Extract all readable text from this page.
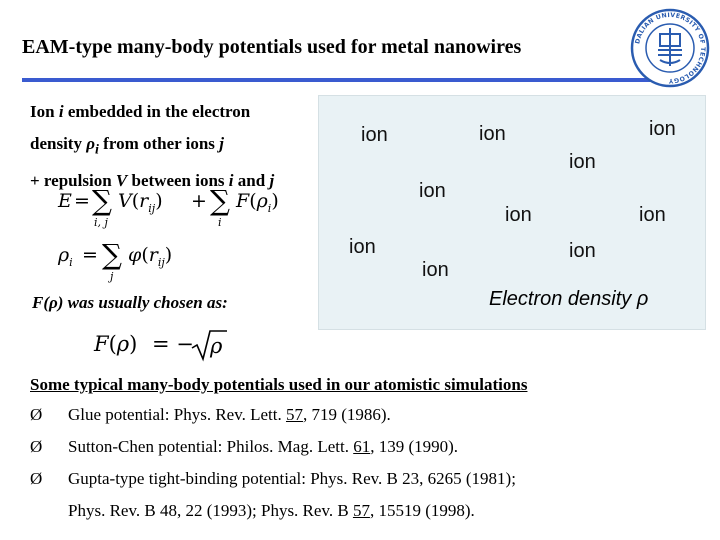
EAM-type many-body potentials used for metal nanowires	DALIAN UNIVERSITY OF TECHNOLOGY
Ion i embedded in the electron
density $\rho_i$ from other ions j
+ repulsion V between ions i and j
E = ∑
i, j
$V(r_{ij})$ + ∑
i
$F(\rho_i)$
$\rho_i$ = ∑
j
$\varphi(r_{ij})$
F(ρ) was usually chosen as:
F(ρ) = − ρ
ion	ion	ion
ion
ion
ion	ion
ion	ion
ion
Electron density ρ
Some typical many-body potentials used in our atomistic simulations
Ø Glue potential: Phys. Rev. Lett. 57, 719 (1986).
Ø Sutton-Chen potential: Philos. Mag. Lett. 61, 139 (1990).
Ø Gupta-type tight-binding potential: Phys. Rev. B 23, 6265 (1981);
Phys. Rev. B 48, 22 (1993); Phys. Rev. B 57, 15519 (1998).
